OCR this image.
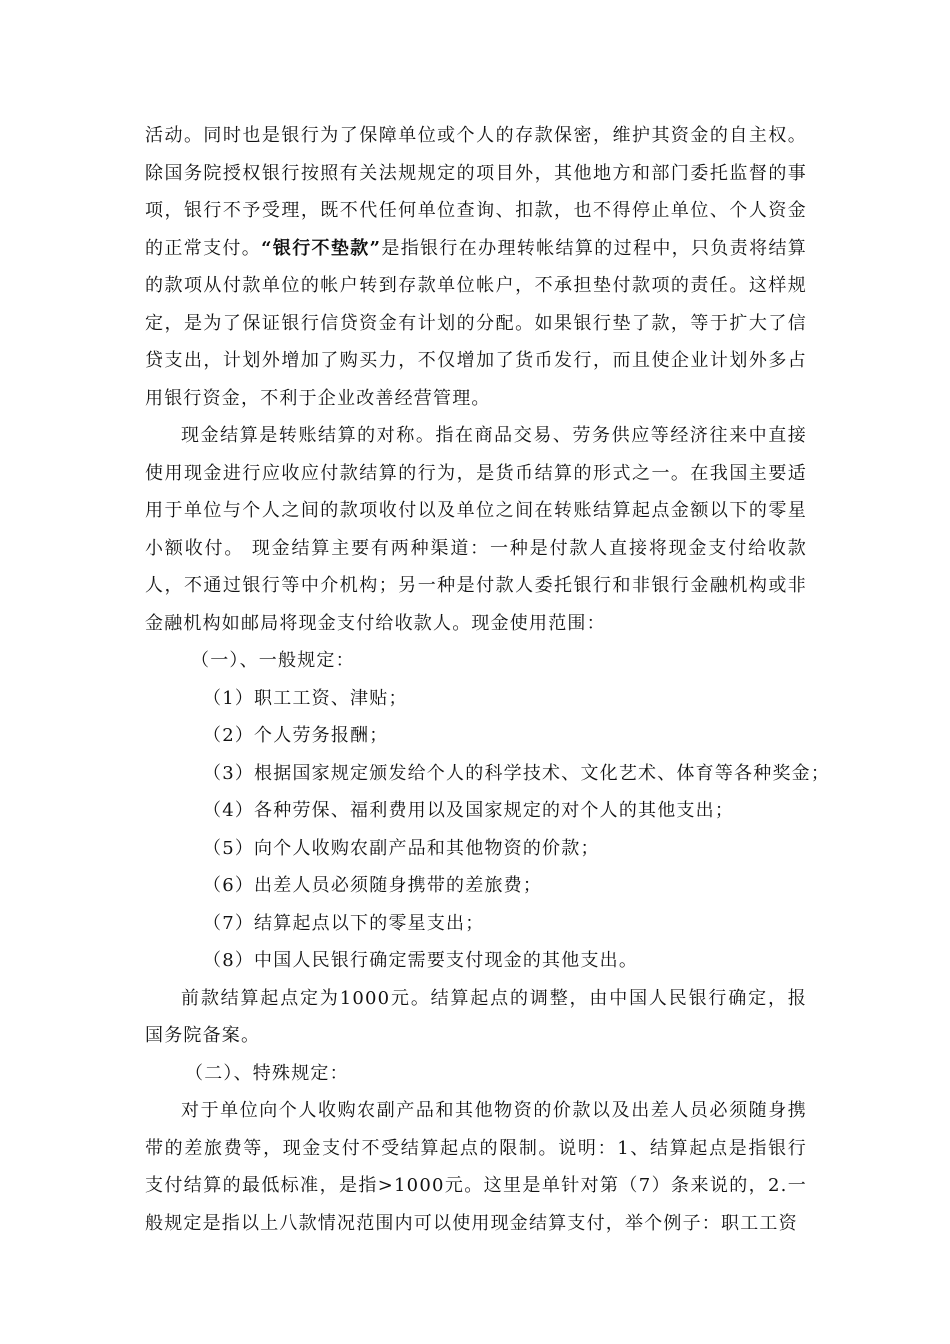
活动。同时也是银行为了保障单位或个人的存款保密，维护其资金的自主权。除国务院授权银行按照有关法规规定的项目外，其他地方和部门委托监督的事项，银行不予受理，既不代任何单位查询、扣款，也不得停止单位、个人资金的正常支付。“银行不垫款”是指银行在办理转帐结算的过程中，只负责将结算的款项从付款单位的帐户转到存款单位帐户，不承担垫付款项的责任。这样规定，是为了保证银行信贷资金有计划的分配。如果银行垫了款，等于扩大了信贷支出，计划外增加了购买力，不仅增加了货币发行，而且使企业计划外多占用银行资金，不利于企业改善经营管理。

现金结算是转账结算的对称。指在商品交易、劳务供应等经济往来中直接使用现金进行应收应付款结算的行为，是货币结算的形式之一。在我国主要适用于单位与个人之间的款项收付以及单位之间在转账结算起点金额以下的零星小额收付。 现金结算主要有两种渠道：一种是付款人直接将现金支付给收款人，不通过银行等中介机构；另一种是付款人委托银行和非银行金融机构或非金融机构如邮局将现金支付给收款人。现金使用范围：

（一）、一般规定：

（1）职工工资、津贴；

（2）个人劳务报酬；

（3）根据国家规定颁发给个人的科学技术、文化艺术、体育等各种奖金；

（4）各种劳保、福利费用以及国家规定的对个人的其他支出；

（5）向个人收购农副产品和其他物资的价款；

（6）出差人员必须随身携带的差旅费；

（7）结算起点以下的零星支出；

（8）中国人民银行确定需要支付现金的其他支出。

前款结算起点定为1000元。结算起点的调整，由中国人民银行确定，报国务院备案。

（二）、特殊规定：

对于单位向个人收购农副产品和其他物资的价款以及出差人员必须随身携带的差旅费等，现金支付不受结算起点的限制。说明：1、结算起点是指银行支付结算的最低标准，是指>1000元。这里是单针对第（7）条来说的，2.一般规定是指以上八款情况范围内可以使用现金结算支付，举个例子：职工工资
